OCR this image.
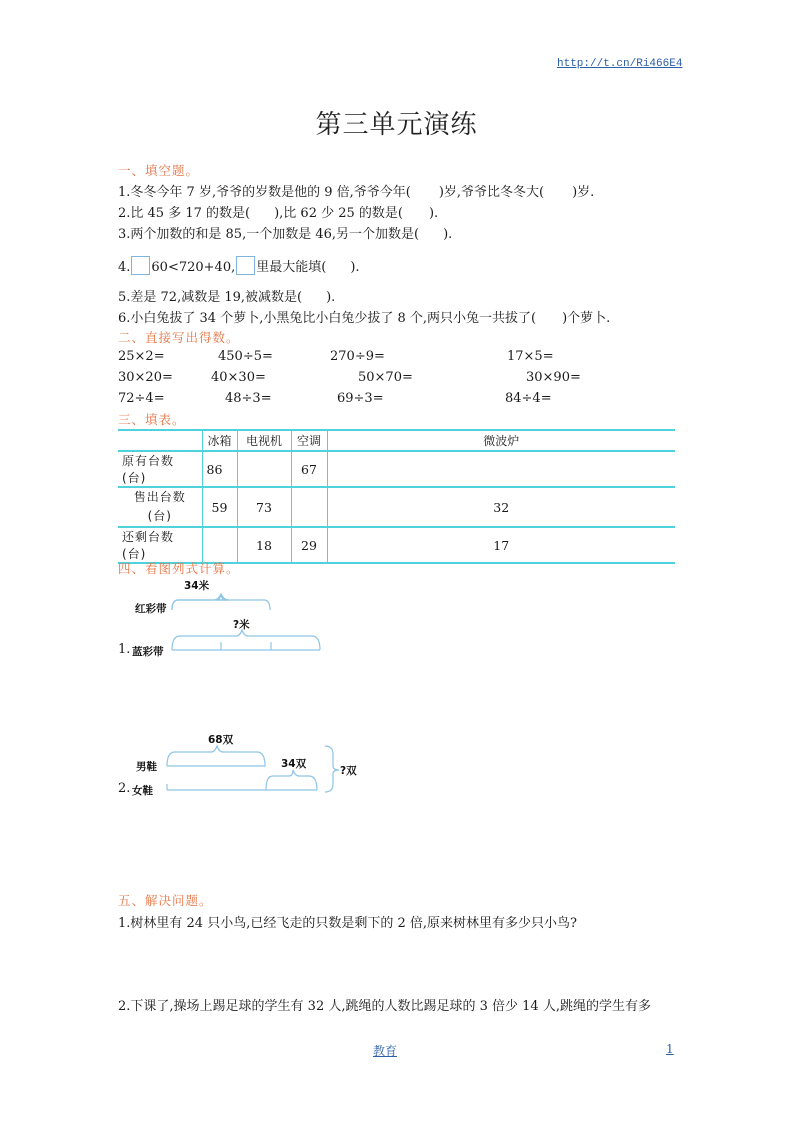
http://t.cn/Ri466E4
第三单元演练
一、填空题。
1.冬冬今年 7 岁,爷爷的岁数是他的 9 倍,爷爷今年( )岁,爷爷比冬冬大( )岁.
2.比 45 多 17 的数是( ),比 62 少 25 的数是( ).
3.两个加数的和是 85,一个加数是 46,另一个加数是( ).
4. 60<720+40, 里最大能填( ).
5.差是 72,减数是 19,被减数是( ).
6.小白兔拔了 34 个萝卜,小黑兔比小白兔少拔了 8 个,两只小兔一共拔了( )个萝卜.
二、直接写出得数。
25×2=	450÷5=	270÷9=	17×5=
30×20=	40×30=	50×70=	30×90=
72÷4=	48÷3=	69÷3=	84÷4=
三、填表。
	冰箱	电视机	空调	微波炉
原有台数(台)	86		67	
售出台数(台)	59	73		32
还剩台数(台)		18	29	17
四、看图列式计算。
34米
红彩带
?米
1. 蓝彩带
68双
34双
?双
男鞋
2. 女鞋
五、解决问题。
1.树林里有 24 只小鸟,已经飞走的只数是剩下的 2 倍,原来树林里有多少只小鸟?
2.下课了,操场上踢足球的学生有 32 人,跳绳的人数比踢足球的 3 倍少 14 人,跳绳的学生有多
教育	1
